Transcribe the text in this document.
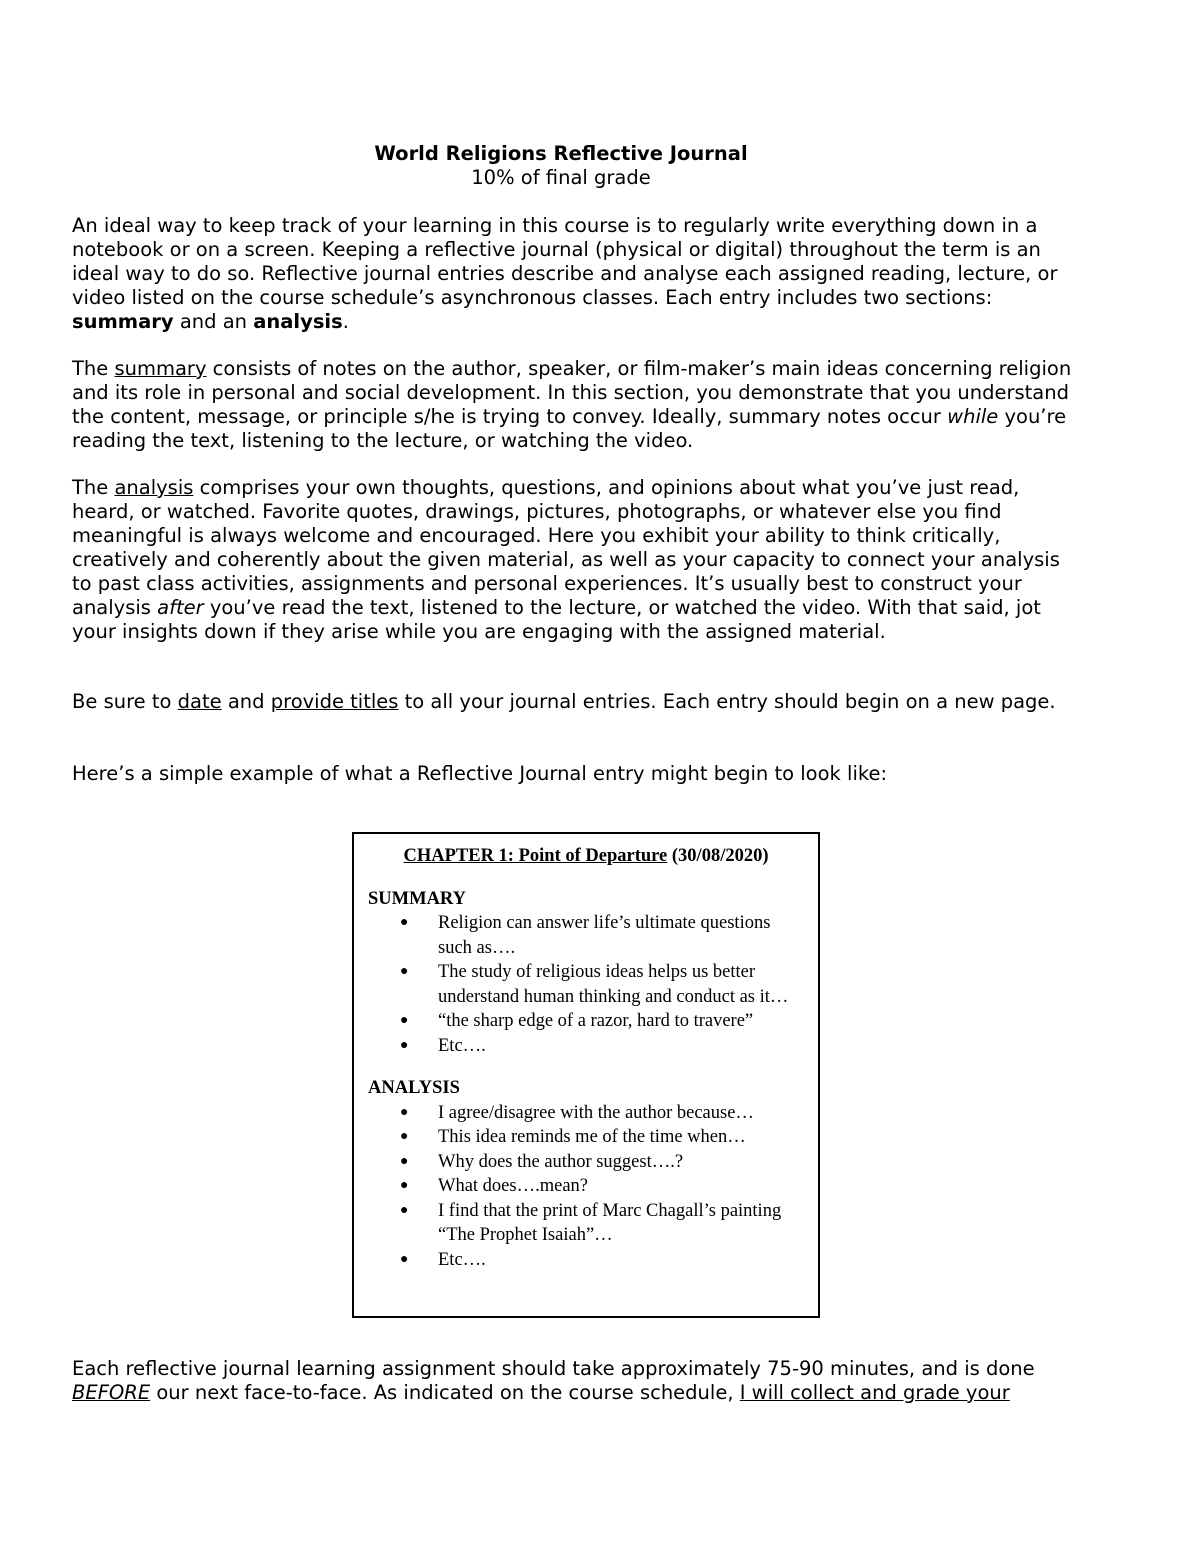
World Religions Reflective Journal
10% of final grade

An ideal way to keep track of your learning in this course is to regularly write everything down in a notebook or on a screen. Keeping a reflective journal (physical or digital) throughout the term is an ideal way to do so. Reflective journal entries describe and analyse each assigned reading, lecture, or video listed on the course schedule’s asynchronous classes. Each entry includes two sections: summary and an analysis.

The summary consists of notes on the author, speaker, or film-maker’s main ideas concerning religion and its role in personal and social development. In this section, you demonstrate that you understand the content, message, or principle s/he is trying to convey. Ideally, summary notes occur while you’re reading the text, listening to the lecture, or watching the video.

The analysis comprises your own thoughts, questions, and opinions about what you’ve just read, heard, or watched. Favorite quotes, drawings, pictures, photographs, or whatever else you find meaningful is always welcome and encouraged. Here you exhibit your ability to think critically, creatively and coherently about the given material, as well as your capacity to connect your analysis to past class activities, assignments and personal experiences. It’s usually best to construct your analysis after you’ve read the text, listened to the lecture, or watched the video. With that said, jot your insights down if they arise while you are engaging with the assigned material.

Be sure to date and provide titles to all your journal entries. Each entry should begin on a new page.

Here’s a simple example of what a Reflective Journal entry might begin to look like:

CHAPTER 1: Point of Departure (30/08/2020)
SUMMARY
● Religion can answer life’s ultimate questions such as….
● The study of religious ideas helps us better understand human thinking and conduct as it…
● “the sharp edge of a razor, hard to travere”
● Etc….
ANALYSIS
● I agree/disagree with the author because…
● This idea reminds me of the time when…
● Why does the author suggest….?
● What does….mean?
● I find that the print of Marc Chagall’s painting “The Prophet Isaiah”…
● Etc….

Each reflective journal learning assignment should take approximately 75-90 minutes, and is done BEFORE our next face-to-face. As indicated on the course schedule, I will collect and grade your
